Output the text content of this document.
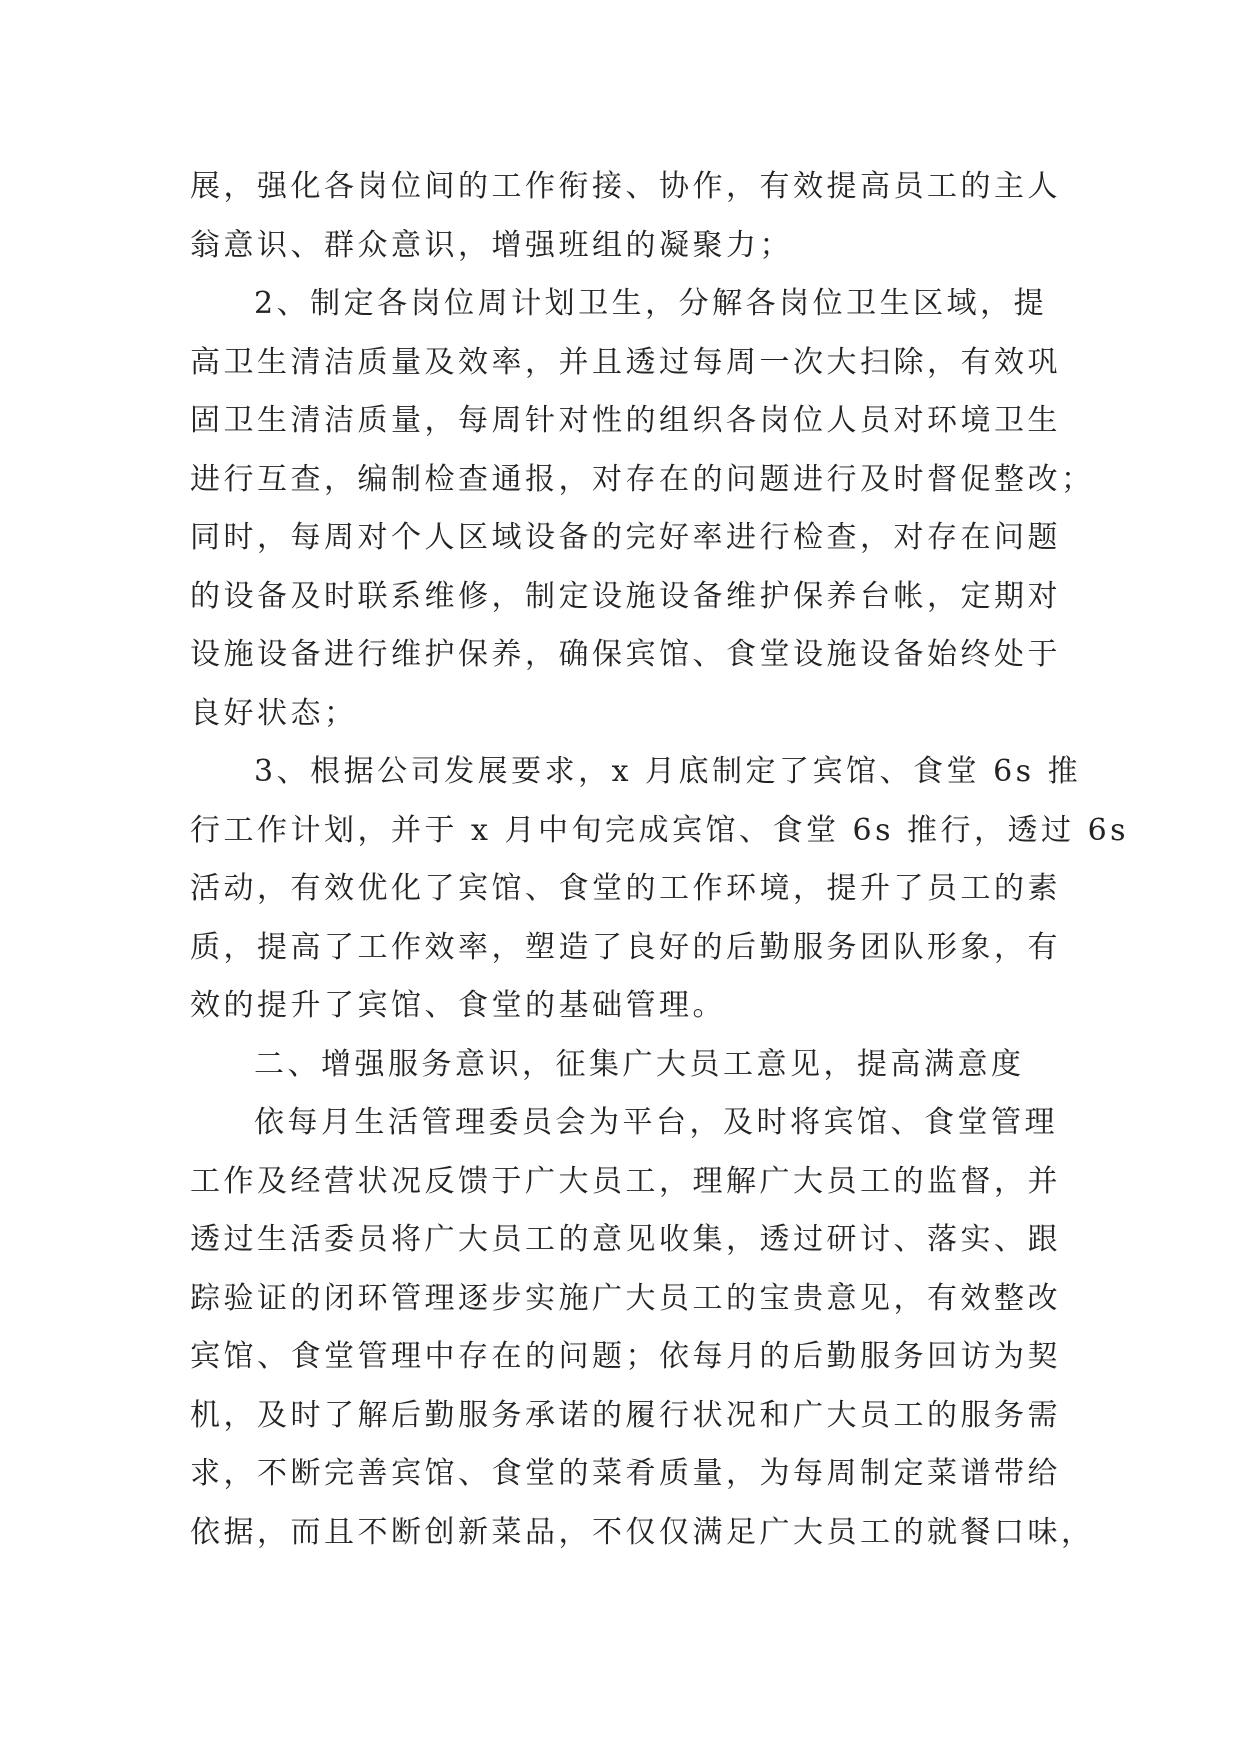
展，强化各岗位间的工作衔接、协作，有效提高员工的主人
翁意识、群众意识，增强班组的凝聚力；
2、制定各岗位周计划卫生，分解各岗位卫生区域，提
高卫生清洁质量及效率，并且透过每周一次大扫除，有效巩
固卫生清洁质量，每周针对性的组织各岗位人员对环境卫生
进行互查，编制检查通报，对存在的问题进行及时督促整改；
同时，每周对个人区域设备的完好率进行检查，对存在问题
的设备及时联系维修，制定设施设备维护保养台帐，定期对
设施设备进行维护保养，确保宾馆、食堂设施设备始终处于
良好状态；
3、根据公司发展要求，x 月底制定了宾馆、食堂 6s 推
行工作计划，并于 x 月中旬完成宾馆、食堂 6s 推行，透过 6s
活动，有效优化了宾馆、食堂的工作环境，提升了员工的素
质，提高了工作效率，塑造了良好的后勤服务团队形象，有
效的提升了宾馆、食堂的基础管理。
二、增强服务意识，征集广大员工意见，提高满意度
依每月生活管理委员会为平台，及时将宾馆、食堂管理
工作及经营状况反馈于广大员工，理解广大员工的监督，并
透过生活委员将广大员工的意见收集，透过研讨、落实、跟
踪验证的闭环管理逐步实施广大员工的宝贵意见，有效整改
宾馆、食堂管理中存在的问题；依每月的后勤服务回访为契
机，及时了解后勤服务承诺的履行状况和广大员工的服务需
求，不断完善宾馆、食堂的菜肴质量，为每周制定菜谱带给
依据，而且不断创新菜品，不仅仅满足广大员工的就餐口味，
